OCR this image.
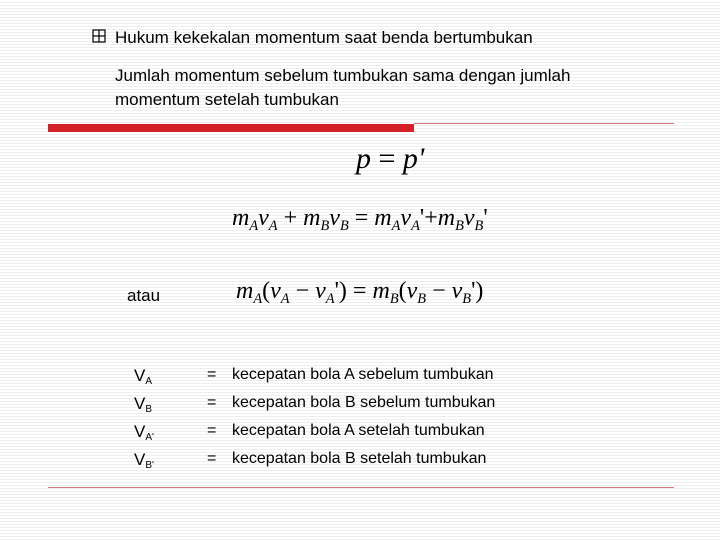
Hukum kekekalan momentum saat benda bertumbukan
Jumlah momentum sebelum tumbukan sama dengan jumlah momentum setelah tumbukan
p = p'
$m_Av_A + m_Bv_B = m_Av_A'+m_Bv_B'$
atau	$m_A(v_A - v_A') = m_B(v_B - v_B')$
$V_A$	= kecepatan bola A sebelum tumbukan
$V_B$	= kecepatan bola B sebelum tumbukan
$V_{A'}$	= kecepatan bola A setelah tumbukan
$V_{B'}$	= kecepatan bola B setelah tumbukan
